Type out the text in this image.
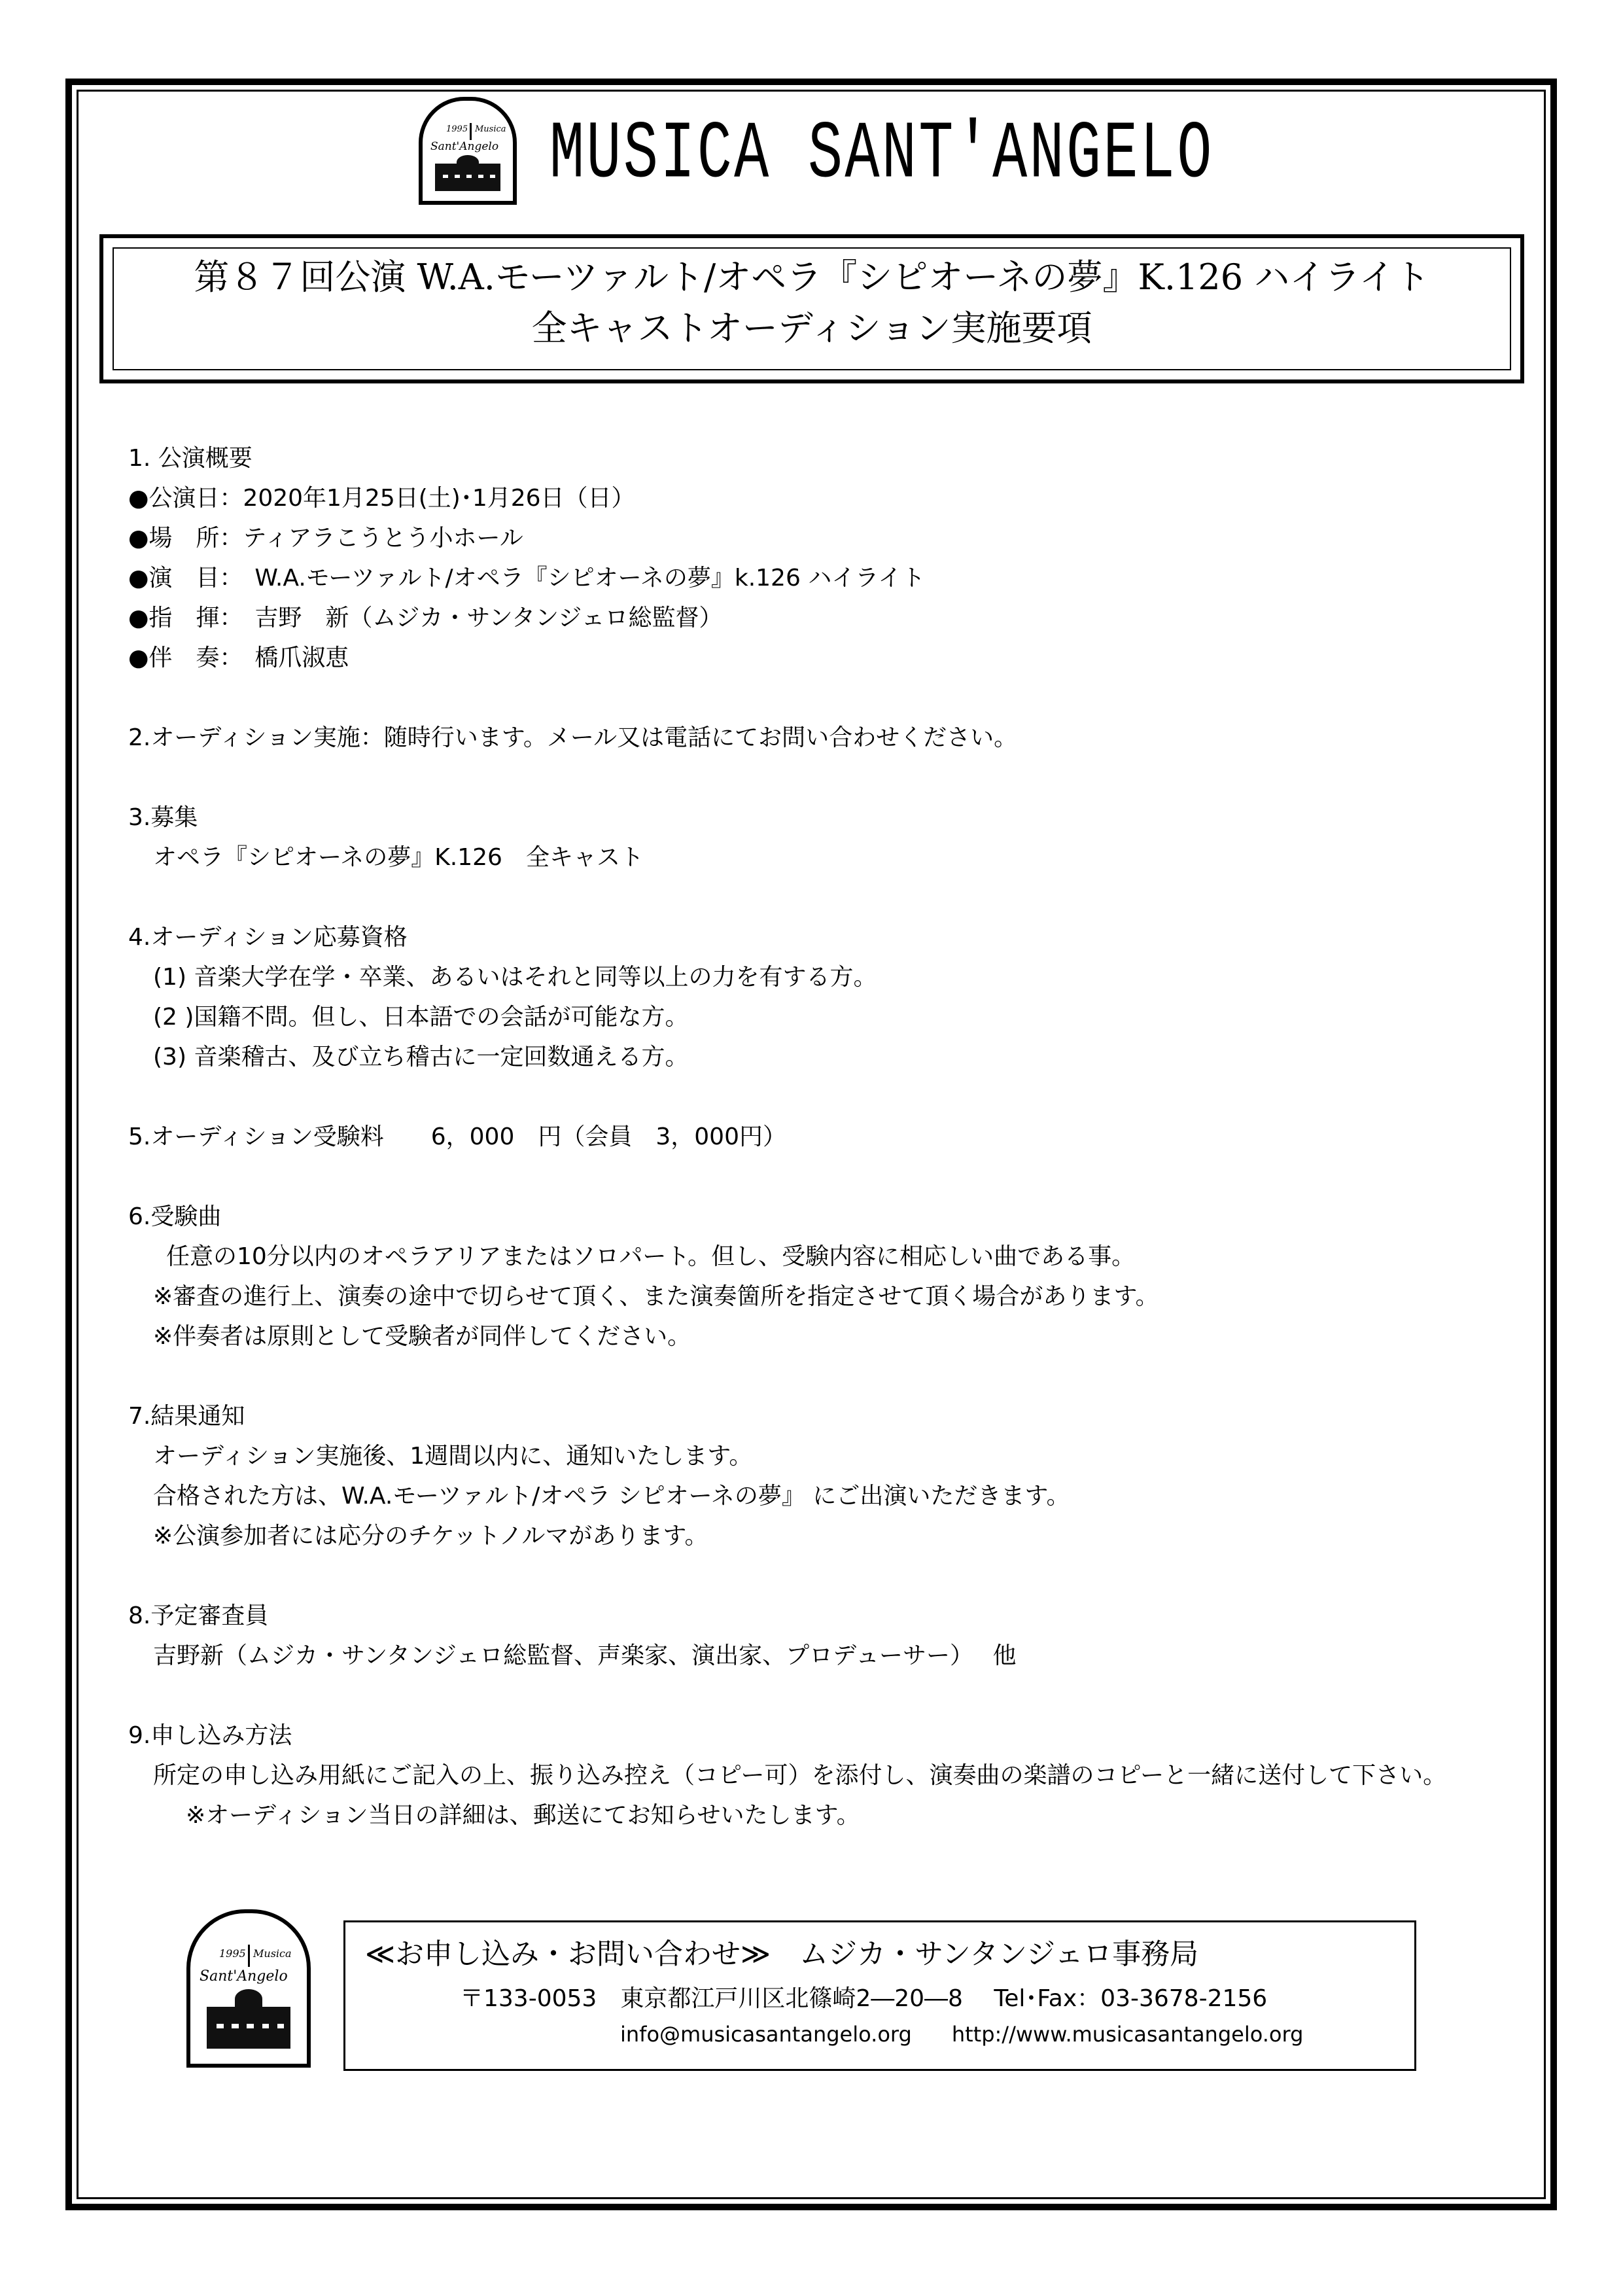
1995 Musica
Sant'Angelo MUSICA SANT'ANGELO
第８７回公演 W.A.モーツァルト/オペラ『シピオーネの夢』K.126 ハイライト
全キャストオーディション実施要項

1. 公演概要

●公演日：2020年1月25日(土)･1月26日（日）

●場　所：ティアラこうとう小ホール

●演　目：　W.A.モーツァルト/オペラ『シピオーネの夢』k.126 ハイライト

●指　揮：　吉野　新（ムジカ・サンタンジェロ総監督）

●伴　奏：　橋爪淑恵

2.オーディション実施：随時行います。メール又は電話にてお問い合わせください。

3.募集

オペラ『シピオーネの夢』K.126　全キャスト

4.オーディション応募資格

(1) 音楽大学在学・卒業、あるいはそれと同等以上の力を有する方。

(2 )国籍不問。但し、日本語での会話が可能な方。

(3) 音楽稽古、及び立ち稽古に一定回数通える方。

5.オーディション受験料　　6，000　円（会員　3，000円）

6.受験曲

任意の10分以内のオペラアリアまたはソロパート。但し、受験内容に相応しい曲である事。

※審査の進行上、演奏の途中で切らせて頂く、また演奏箇所を指定させて頂く場合があります。

※伴奏者は原則として受験者が同伴してください。

7.結果通知

オーディション実施後、1週間以内に、通知いたします。

合格された方は、W.A.モーツァルト/オペラ シピオーネの夢』 にご出演いただきます。

※公演参加者には応分のチケットノルマがあります。

8.予定審査員

吉野新（ムジカ・サンタンジェロ総監督、声楽家、演出家、プロデューサー）　 他

9.申し込み方法

所定の申し込み用紙にご記入の上、振り込み控え（コピー可）を添付し、演奏曲の楽譜のコピーと一緒に送付して下さい。

※オーディション当日の詳細は、郵送にてお知らせいたします。

1995 Musica
Sant'Angelo
≪お申し込み・お問い合わせ≫　ムジカ・サンタンジェロ事務局
〒133-0053　東京都江戸川区北篠崎2―20―8　 Tel･Fax：03-3678-2156
info@musicasantangelo.org http://www.musicasantangelo.org
